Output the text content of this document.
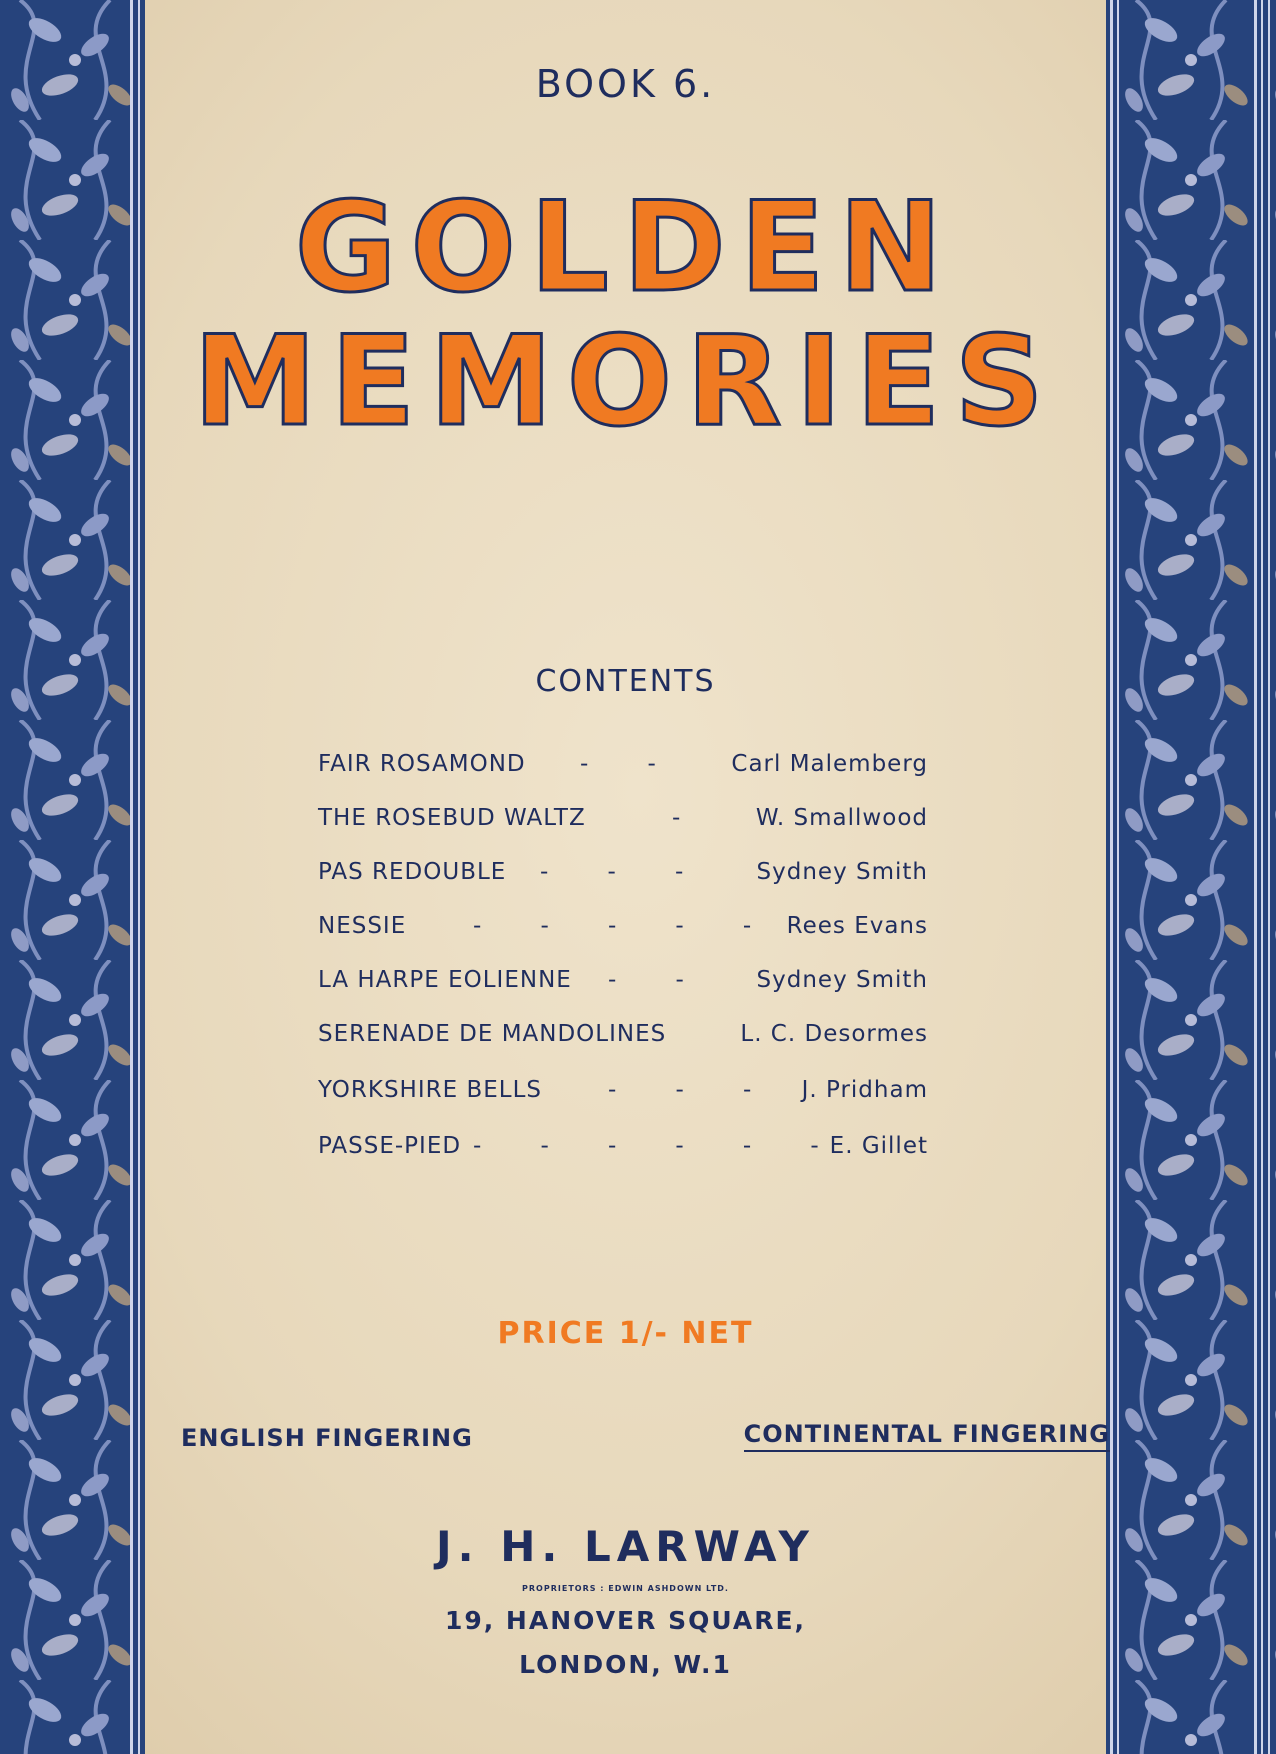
BOOK 6.
GOLDEN
MEMORIES
CONTENTS
FAIR ROSAMOND -       -	Carl Malemberg
THE ROSEBUD WALTZ	-	W. Smallwood
PAS REDOUBLE -       -       -	Sydney Smith
NESSIE	-       -       -       -       - Rees Evans
LA HARPE EOLIENNE -       -	Sydney Smith
SERENADE DE MANDOLINES	L. C. Desormes
YORKSHIRE BELLS	-       -       - J. Pridham
PASSE-PIED -       -       -       -       -       - E. Gillet
PRICE 1/- NET
ENGLISH FINGERING	CONTINENTAL FINGERING
J. H. LARWAY
PROPRIETORS : EDWIN ASHDOWN LTD.
19, HANOVER SQUARE,
LONDON, W.1
